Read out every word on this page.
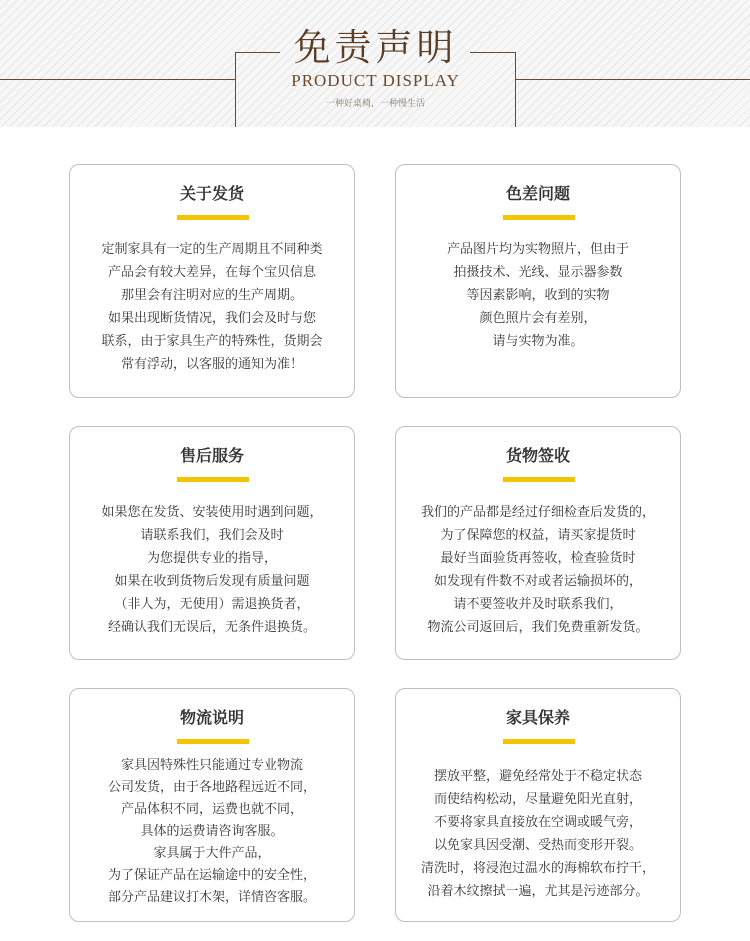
免责声明
PRODUCT DISPLAY
一种好桌椅，一种慢生活
关于发货
定制家具有一定的生产周期且不同种类
产品会有较大差异，在每个宝贝信息
那里会有注明对应的生产周期。
如果出现断货情况，我们会及时与您
联系，由于家具生产的特殊性，货期会
常有浮动，以客服的通知为准！
色差问题
产品图片均为实物照片，但由于
拍摄技术、光线、显示器参数
等因素影响，收到的实物
颜色照片会有差别，
请与实物为准。
售后服务
如果您在发货、安装使用时遇到问题，
请联系我们，我们会及时
为您提供专业的指导，
如果在收到货物后发现有质量问题
（非人为，无使用）需退换货者，
经确认我们无误后，无条件退换货。
货物签收
我们的产品都是经过仔细检查后发货的，
为了保障您的权益，请买家提货时
最好当面验货再签收，检查验货时
如发现有件数不对或者运输损坏的，
请不要签收并及时联系我们，
物流公司返回后，我们免费重新发货。
物流说明
家具因特殊性只能通过专业物流
公司发货，由于各地路程远近不同，
产品体积不同，运费也就不同，
具体的运费请咨询客服。
家具属于大件产品，
为了保证产品在运输途中的安全性，
部分产品建议打木架，详情咨客服。
家具保养
摆放平整，避免经常处于不稳定状态
而使结构松动，尽量避免阳光直射，
不要将家具直接放在空调或暖气旁，
以免家具因受潮、受热而变形开裂。
清洗时，将浸泡过温水的海棉软布拧干，
沿着木纹擦拭一遍，尤其是污迹部分。
